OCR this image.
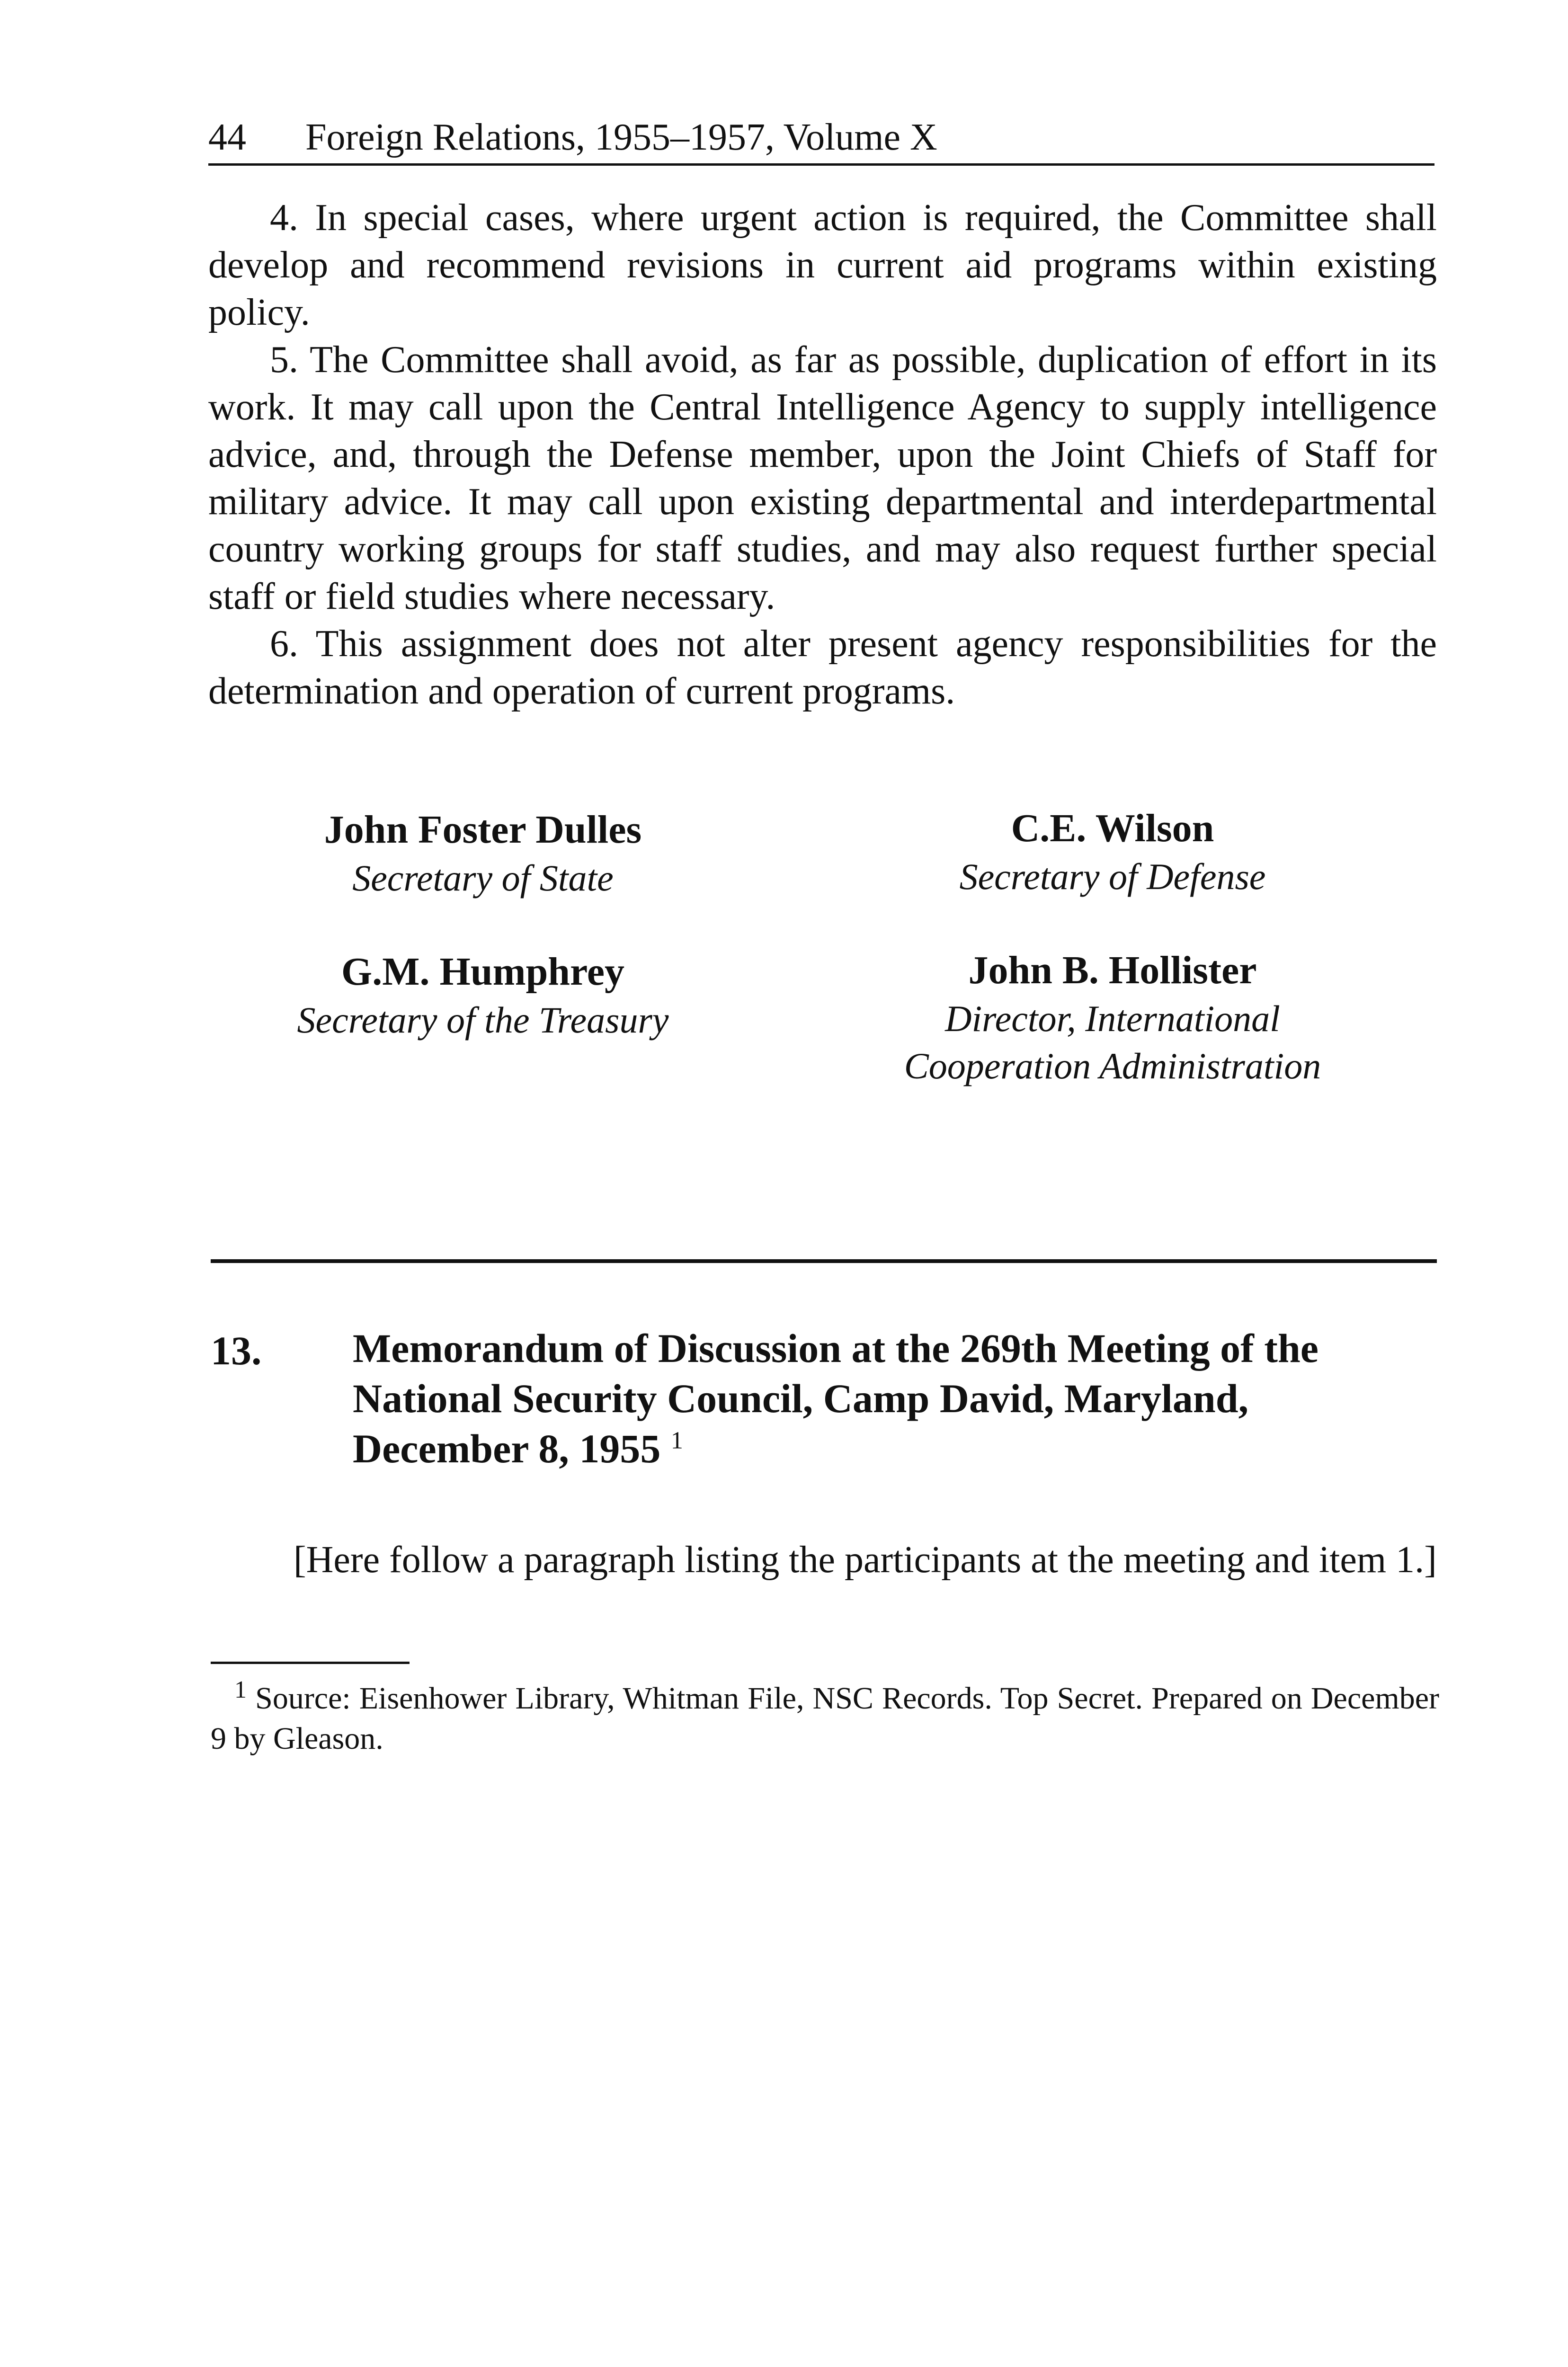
44 Foreign Relations, 1955–1957, Volume X

4. In special cases, where urgent action is required, the Committee shall develop and recommend revisions in current aid programs within existing policy.

5. The Committee shall avoid, as far as possible, duplication of effort in its work. It may call upon the Central Intelligence Agency to supply intelligence advice, and, through the Defense member, upon the Joint Chiefs of Staff for military advice. It may call upon existing departmental and interdepartmental country working groups for staff studies, and may also request further special staff or field studies where necessary.

6. This assignment does not alter present agency responsibilities for the determination and operation of current programs.

John Foster Dulles
Secretary of State
C.E. Wilson
Secretary of Defense
G.M. Humphrey
Secretary of the Treasury
John B. Hollister
Director, International
Cooperation Administration
13. Memorandum of Discussion at the 269th Meeting of the
National Security Council, Camp David, Maryland,
December 8, 1955 $^1$

[Here follow a paragraph listing the participants at the meeting and item 1.]

$^1$ Source: Eisenhower Library, Whitman File, NSC Records. Top Secret. Prepared on December 9 by Gleason.
